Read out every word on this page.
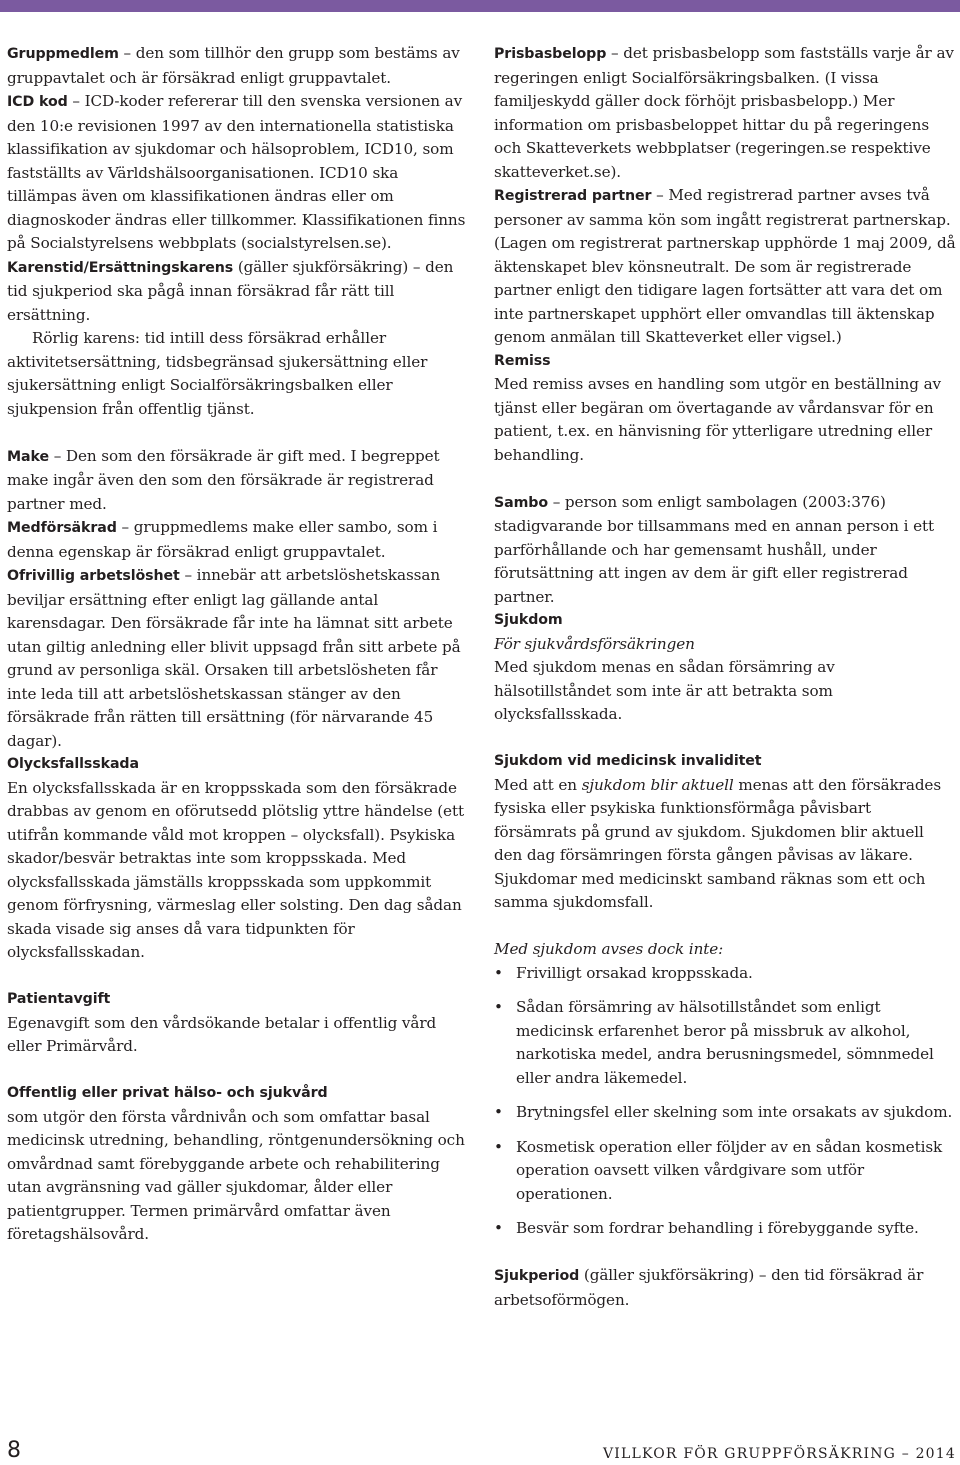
Gruppmedlem – den som tillhör den grupp som bestäms av gruppavtalet och är försäkrad enligt gruppavtalet.

ICD kod – ICD-koder refererar till den svenska versionen av den 10:e revisionen 1997 av den internationella statistiska klassifikation av sjukdomar och hälsoproblem, ICD10, som fastställts av Världshälsoorganisationen. ICD10 ska tillämpas även om klassifikationen ändras eller om diagnoskoder ändras eller tillkommer. Klassifikationen finns på Socialstyrelsens webbplats (socialstyrelsen.se).

Karenstid/Ersättningskarens (gäller sjukförsäkring) – den tid sjukperiod ska pågå innan försäkrad får rätt till ersättning.

Rörlig karens: tid intill dess försäkrad erhåller aktivitetsersättning, tidsbegränsad sjukersättning eller sjukersättning enligt Socialförsäkringsbalken eller sjukpension från offentlig tjänst.

Make – Den som den försäkrade är gift med. I begreppet make ingår även den som den försäkrade är registrerad partner med.

Medförsäkrad – gruppmedlems make eller sambo, som i denna egenskap är försäkrad enligt gruppavtalet.

Ofrivillig arbetslöshet – innebär att arbetslöshetskassan beviljar ersättning efter enligt lag gällande antal karensdagar. Den försäkrade får inte ha lämnat sitt arbete utan giltig anledning eller blivit uppsagd från sitt arbete på grund av personliga skäl. Orsaken till arbetslösheten får inte leda till att arbetslöshetskassan stänger av den försäkrade från rätten till ersättning (för närvarande 45 dagar).

Olycksfallsskada

En olycksfallsskada är en kroppsskada som den försäkrade drabbas av genom en oförutsedd plötslig yttre händelse (ett utifrån kommande våld mot kroppen – olycksfall). Psykiska skador/besvär betraktas inte som kroppsskada. Med olycksfallsskada jämställs kroppsskada som uppkommit genom förfrysning, värmeslag eller solsting. Den dag sådan skada visade sig anses då vara tidpunkten för olycksfallsskadan.

Patientavgift

Egenavgift som den vårdsökande betalar i offentlig vård eller Primärvård.

Offentlig eller privat hälso- och sjukvård

som utgör den första vårdnivån och som omfattar basal medicinsk utredning, behandling, röntgenundersökning och omvårdnad samt förebyggande arbete och rehabilitering utan avgränsning vad gäller sjukdomar, ålder eller patientgrupper. Termen primärvård omfattar även företagshälsovård.

Prisbasbelopp – det prisbasbelopp som fastställs varje år av regeringen enligt Socialförsäkringsbalken. (I vissa familjeskydd gäller dock förhöjt prisbasbelopp.) Mer information om prisbasbeloppet hittar du på regeringens och Skatteverkets webbplatser (regeringen.se respektive skatteverket.se).

Registrerad partner – Med registrerad partner avses två personer av samma kön som ingått registrerat partnerskap. (Lagen om registrerat partnerskap upphörde 1 maj 2009, då äktenskapet blev könsneutralt. De som är registrerade partner enligt den tidigare lagen fortsätter att vara det om inte partnerskapet upphört eller omvandlas till äktenskap genom anmälan till Skatteverket eller vigsel.)

Remiss

Med remiss avses en handling som utgör en beställning av tjänst eller begäran om övertagande av vårdansvar för en patient, t.ex. en hänvisning för ytterligare utredning eller behandling.

Sambo – person som enligt sambolagen (2003:376) stadigvarande bor tillsammans med en annan person i ett parförhållande och har gemensamt hushåll, under förutsättning att ingen av dem är gift eller registrerad partner.

Sjukdom

För sjukvårdsförsäkringen

Med sjukdom menas en sådan försämring av hälsotillståndet som inte är att betrakta som olycksfallsskada.

Sjukdom vid medicinsk invaliditet

Med att en sjukdom blir aktuell menas att den försäkrades fysiska eller psykiska funktionsförmåga påvisbart försämrats på grund av sjukdom. Sjukdomen blir aktuell den dag försämringen första gången påvisas av läkare. Sjukdomar med medicinskt samband räknas som ett och samma sjukdomsfall.

Med sjukdom avses dock inte:

• Frivilligt orsakad kroppsskada.
• Sådan försämring av hälsotillståndet som enligt medicinsk erfarenhet beror på missbruk av alkohol, narkotiska medel, andra berusningsmedel, sömnmedel eller andra läkemedel.
• Brytningsfel eller skelning som inte orsakats av sjukdom.
• Kosmetisk operation eller följder av en sådan kosmetisk operation oavsett vilken vårdgivare som utför operationen.
• Besvär som fordrar behandling i förebyggande syfte.

Sjukperiod (gäller sjukförsäkring) – den tid försäkrad är arbetsoförmögen.

8	VILLKOR FÖR GRUPPFÖRSÄKRING – 2014
